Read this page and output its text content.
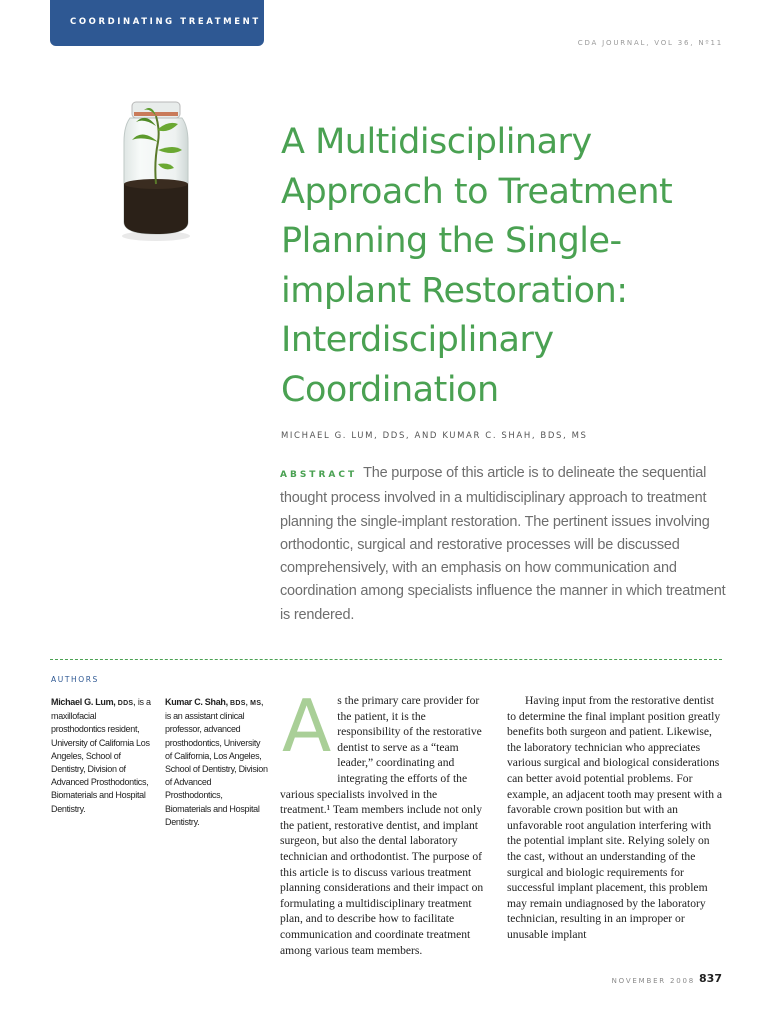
COORDINATING TREATMENT
CDA JOURNAL, VOL 36, Nº11
A Multidisciplinary Approach to Treatment Planning the Single-implant Restoration: Interdisciplinary Coordination
MICHAEL G. LUM, DDS, AND KUMAR C. SHAH, BDS, MS
ABSTRACT The purpose of this article is to delineate the sequential thought process involved in a multidisciplinary approach to treatment planning the single-implant restoration. The pertinent issues involving orthodontic, surgical and restorative processes will be discussed comprehensively, with an emphasis on how communication and coordination among specialists influence the manner in which treatment is rendered.
AUTHORS
Michael G. Lum, DDS, is a maxillofacial prosthodontics resident, University of California Los Angeles, School of Dentistry, Division of Advanced Prosthodontics, Biomaterials and Hospital Dentistry.
Kumar C. Shah, BDS, MS, is an assistant clinical professor, advanced prosthodontics, University of California, Los Angeles, School of Dentistry, Division of Advanced Prosthodontics, Biomaterials and Hospital Dentistry.
A s the primary care provider for the patient, it is the responsibility of the restorative dentist to serve as a “team leader,” coordinating and integrating the efforts of the various specialists involved in the treatment.¹ Team members include not only the patient, restorative dentist, and implant surgeon, but also the dental laboratory technician and orthodontist. The purpose of this article is to discuss various treatment planning considerations and their impact on formulating a multidisciplinary treatment plan, and to describe how to facilitate communication and coordinate treatment among various team members.

Having input from the restorative dentist to determine the final implant position greatly benefits both surgeon and patient. Likewise, the laboratory technician who appreciates various surgical and biological considerations can better avoid potential problems. For example, an adjacent tooth may present with a favorable crown position but with an unfavorable root angulation interfering with the potential implant site. Relying solely on the cast, without an understanding of the surgical and biologic requirements for successful implant placement, this problem may remain undiagnosed by the laboratory technician, resulting in an improper or unusable implant

NOVEMBER 2008 837
